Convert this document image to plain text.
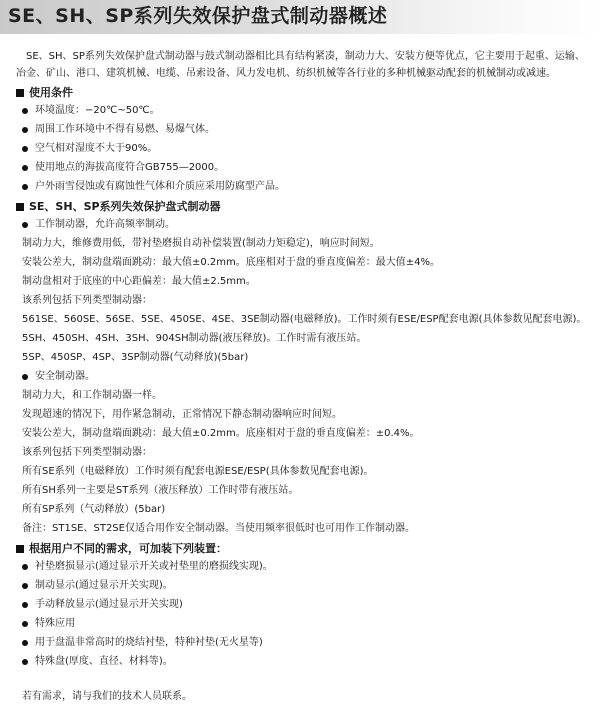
SE、SH、SP系列失效保护盘式制动器概述
SE、SH、SP系列失效保护盘式制动器与鼓式制动器相比具有结构紧凑，制动力大、安装方便等优点，它主要用于起重、运输、
冶金、矿山、港口、建筑机械、电缆、吊索设备、风力发电机、纺织机械等各行业的多种机械驱动配套的机械制动或减速。
使用条件
环境温度：−20℃~50℃。
周围工作环境中不得有易燃、易爆气体。
空气相对湿度不大于90%。
使用地点的海拔高度符合GB755—2000。
户外雨雪侵蚀或有腐蚀性气体和介质应采用防腐型产品。
SE、SH、SP系列失效保护盘式制动器
工作制动器，允许高频率制动。
制动力大，维修费用低，带衬垫磨损自动补偿装置(制动力矩稳定)，响应时间短。
安装公差大，制动盘端面跳动：最大值±0.2mm。底座相对于盘的垂直度偏差：最大值±4%。
制动盘相对于底座的中心距偏差：最大值±2.5mm。
该系列包括下列类型制动器：
561SE、560SE、56SE、5SE、450SE、4SE、3SE制动器(电磁释放)。工作时须有ESE/ESP配套电源(具体参数见配套电源)。
5SH、450SH、4SH、3SH、904SH制动器(液压释放)。工作时需有液压站。
5SP、450SP、4SP、3SP制动器(气动释放)(5bar)
安全制动器。
制动力大，和工作制动器一样。
发现超速的情况下，用作紧急制动，正常情况下静态制动器响应时间短。
安装公差大，制动盘端面跳动：最大值±0.2mm。底座相对于盘的垂直度偏差：±0.4%。
该系列包括下列类型制动器：
所有SE系列（电磁释放）工作时须有配套电源ESE/ESP(具体参数见配套电源)。
所有SH系列一主要是ST系列（液压释放）工作时带有液压站。
所有SP系列（气动释放）(5bar)
备注：ST1SE、ST2SE仅适合用作安全制动器。当使用频率很低时也可用作工作制动器。
根据用户不同的需求，可加装下列装置：
衬垫磨损显示(通过显示开关或衬垫里的磨损线实现)。
制动显示(通过显示开关实现)。
手动释放显示(通过显示开关实现)
特殊应用
用于盘温非常高时的烧结衬垫，特种衬垫(无火星等)
特殊盘(厚度、直径、材料等)。
若有需求，请与我们的技术人员联系。
